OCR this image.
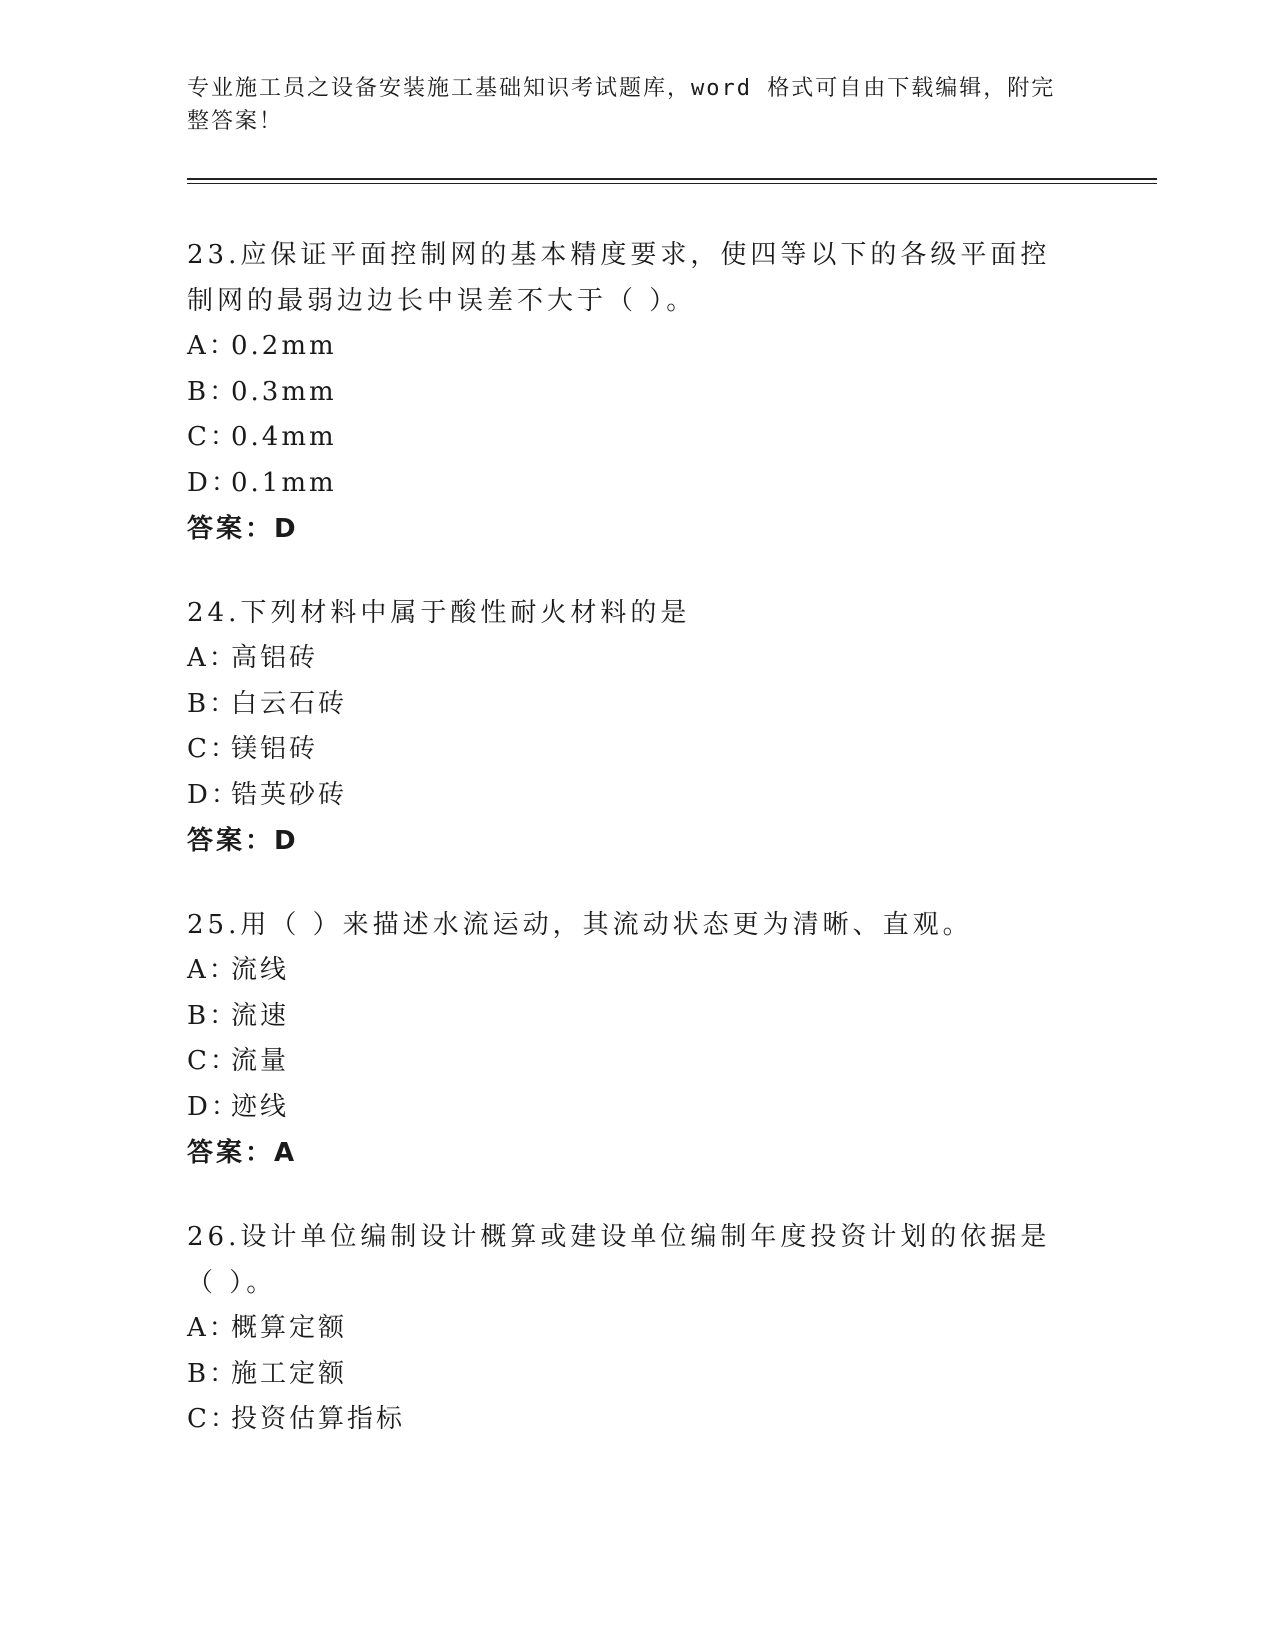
专业施工员之设备安装施工基础知识考试题库，word 格式可自由下载编辑，附完整答案！
23.应保证平面控制网的基本精度要求，使四等以下的各级平面控制网的最弱边边长中误差不大于（ ）。
A：0.2mm
B：0.3mm
C：0.4mm
D：0.1mm
答案：D
24.下列材料中属于酸性耐火材料的是
A：高铝砖
B：白云石砖
C：镁铝砖
D：锆英砂砖
答案：D
25.用（ ）来描述水流运动，其流动状态更为清晰、直观。
A：流线
B：流速
C：流量
D：迹线
答案：A
26.设计单位编制设计概算或建设单位编制年度投资计划的依据是（ ）。
A：概算定额
B：施工定额
C：投资估算指标
